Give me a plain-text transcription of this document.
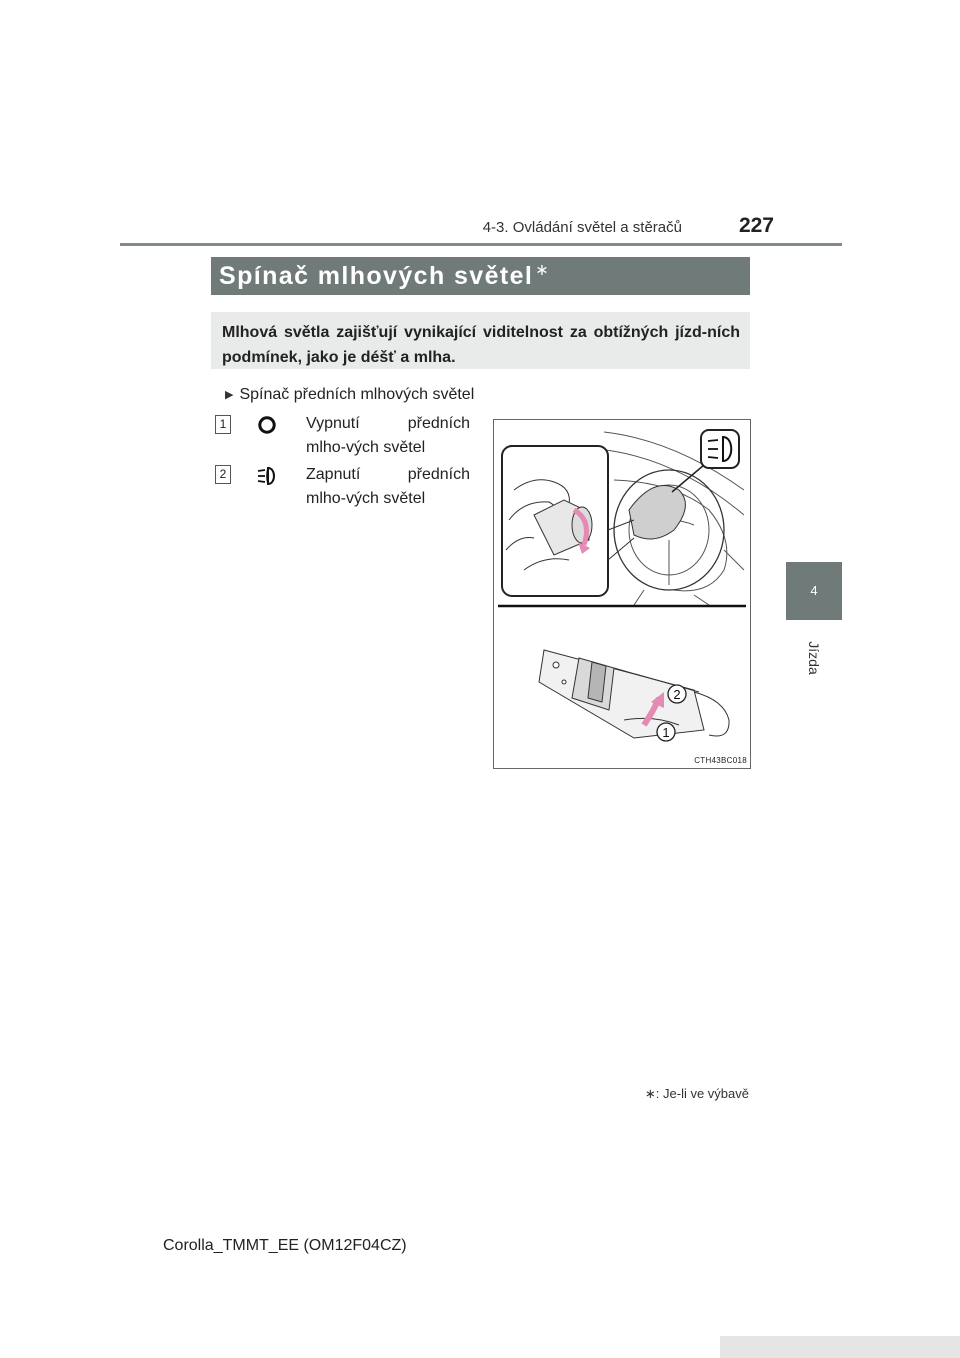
4-3. Ovládání světel a stěračů	227
4
Jízda
Spínač mlhových světel ∗
Mlhová světla zajišťují vynikající viditelnost za obtížných jízd-ních podmínek, jako je déšť a mlha.
▶ Spínač předních mlhových světel
1	Vypnutí předních mlho-vých světel
2	Zapnutí předních mlho-vých světel
2
1
CTH43BC018
∗: Je-li ve výbavě
Corolla_TMMT_EE (OM12F04CZ)
